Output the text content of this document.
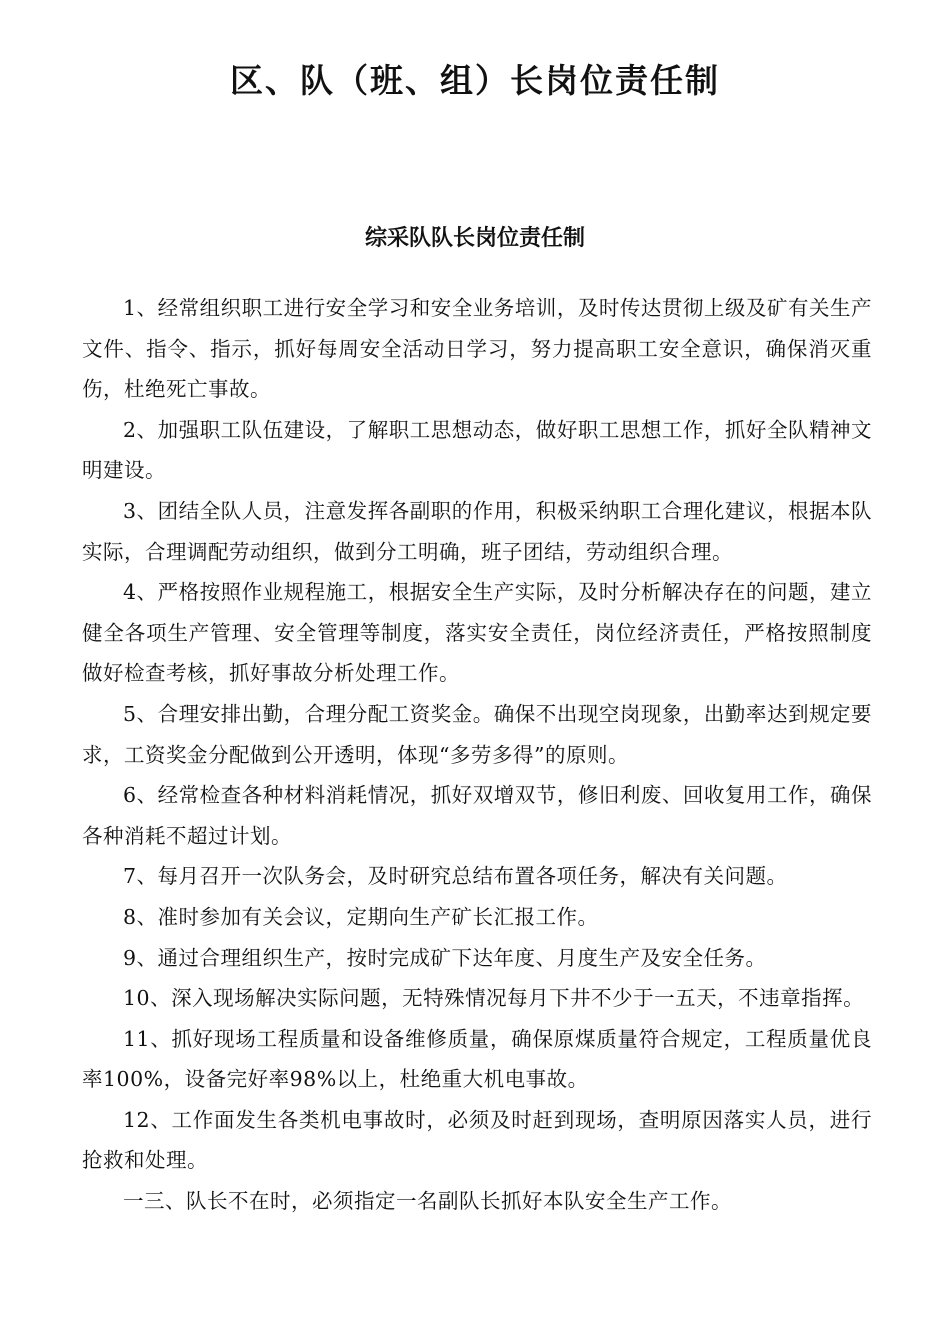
区、队（班、组）长岗位责任制
综采队队长岗位责任制

1、经常组织职工进行安全学习和安全业务培训，及时传达贯彻上级及矿有关生产文件、指令、指示，抓好每周安全活动日学习，努力提高职工安全意识，确保消灭重伤，杜绝死亡事故。

2、加强职工队伍建设，了解职工思想动态，做好职工思想工作，抓好全队精神文明建设。

3、团结全队人员，注意发挥各副职的作用，积极采纳职工合理化建议，根据本队实际，合理调配劳动组织，做到分工明确，班子团结，劳动组织合理。

4、严格按照作业规程施工，根据安全生产实际，及时分析解决存在的问题，建立健全各项生产管理、安全管理等制度，落实安全责任，岗位经济责任，严格按照制度做好检查考核，抓好事故分析处理工作。

5、合理安排出勤，合理分配工资奖金。确保不出现空岗现象，出勤率达到规定要求，工资奖金分配做到公开透明，体现“多劳多得”的原则。

6、经常检查各种材料消耗情况，抓好双增双节，修旧利废、回收复用工作，确保各种消耗不超过计划。

7、每月召开一次队务会，及时研究总结布置各项任务，解决有关问题。

8、准时参加有关会议，定期向生产矿长汇报工作。

9、通过合理组织生产，按时完成矿下达年度、月度生产及安全任务。

10、深入现场解决实际问题，无特殊情况每月下井不少于一五天，不违章指挥。

11、抓好现场工程质量和设备维修质量，确保原煤质量符合规定，工程质量优良率100%，设备完好率98%以上，杜绝重大机电事故。

12、工作面发生各类机电事故时，必须及时赶到现场，查明原因落实人员，进行抢救和处理。

一三、队长不在时，必须指定一名副队长抓好本队安全生产工作。
